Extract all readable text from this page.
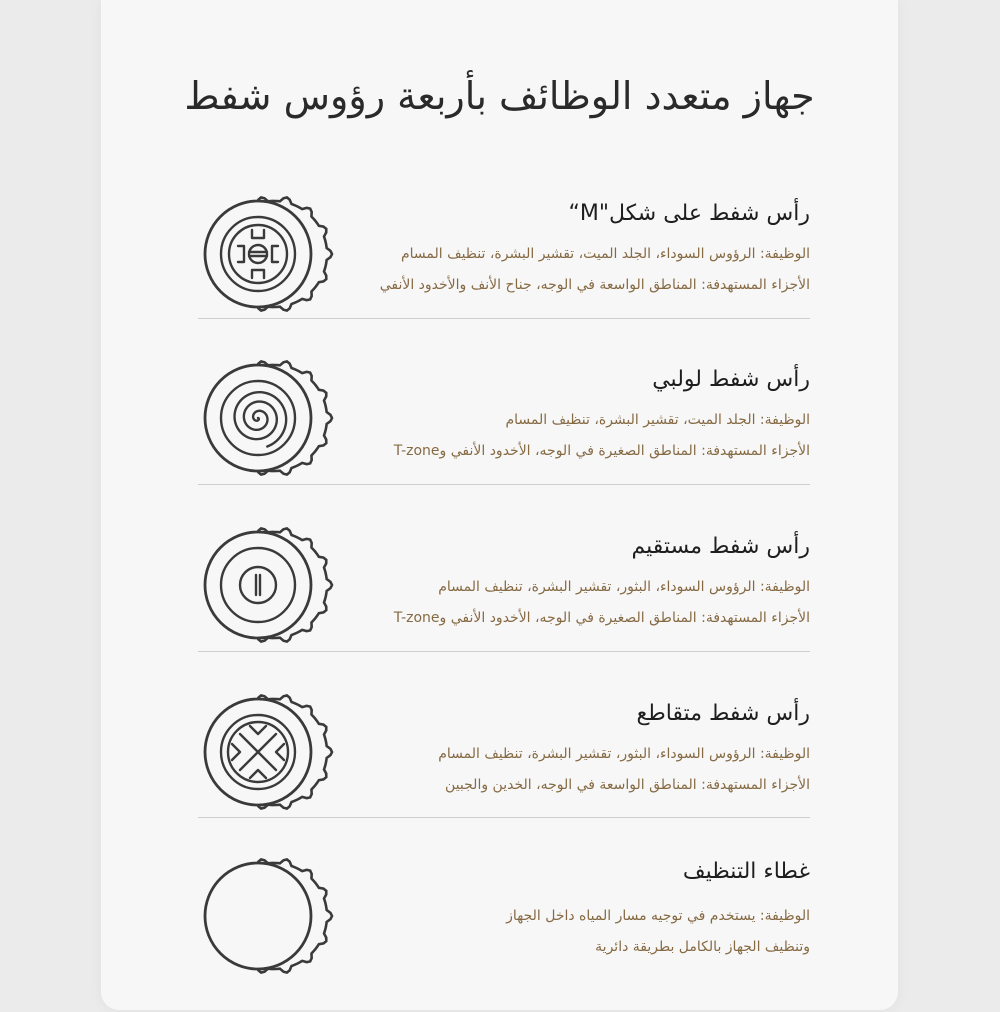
جهاز متعدد الوظائف بأربعة رؤوس شفط
رأس شفط على شكل"M“
الوظيفة: الرؤوس السوداء، الجلد الميت، تقشير البشرة، تنظيف المسام
الأجزاء المستهدفة: المناطق الواسعة في الوجه، جناح الأنف والأخدود الأنفي
رأس شفط لولبي
الوظيفة: الجلد الميت، تقشير البشرة، تنظيف المسام
الأجزاء المستهدفة: المناطق الصغيرة في الوجه، الأخدود الأنفي وT-zone
رأس شفط مستقيم
الوظيفة: الرؤوس السوداء، البثور، تقشير البشرة، تنظيف المسام
الأجزاء المستهدفة: المناطق الصغيرة في الوجه، الأخدود الأنفي وT-zone
رأس شفط متقاطع
الوظيفة: الرؤوس السوداء، البثور، تقشير البشرة، تنظيف المسام
الأجزاء المستهدفة: المناطق الواسعة في الوجه، الخدين والجبين
غطاء التنظيف
الوظيفة: يستخدم في توجيه مسار المياه داخل الجهاز
وتنظيف الجهاز بالكامل بطريقة دائرية
